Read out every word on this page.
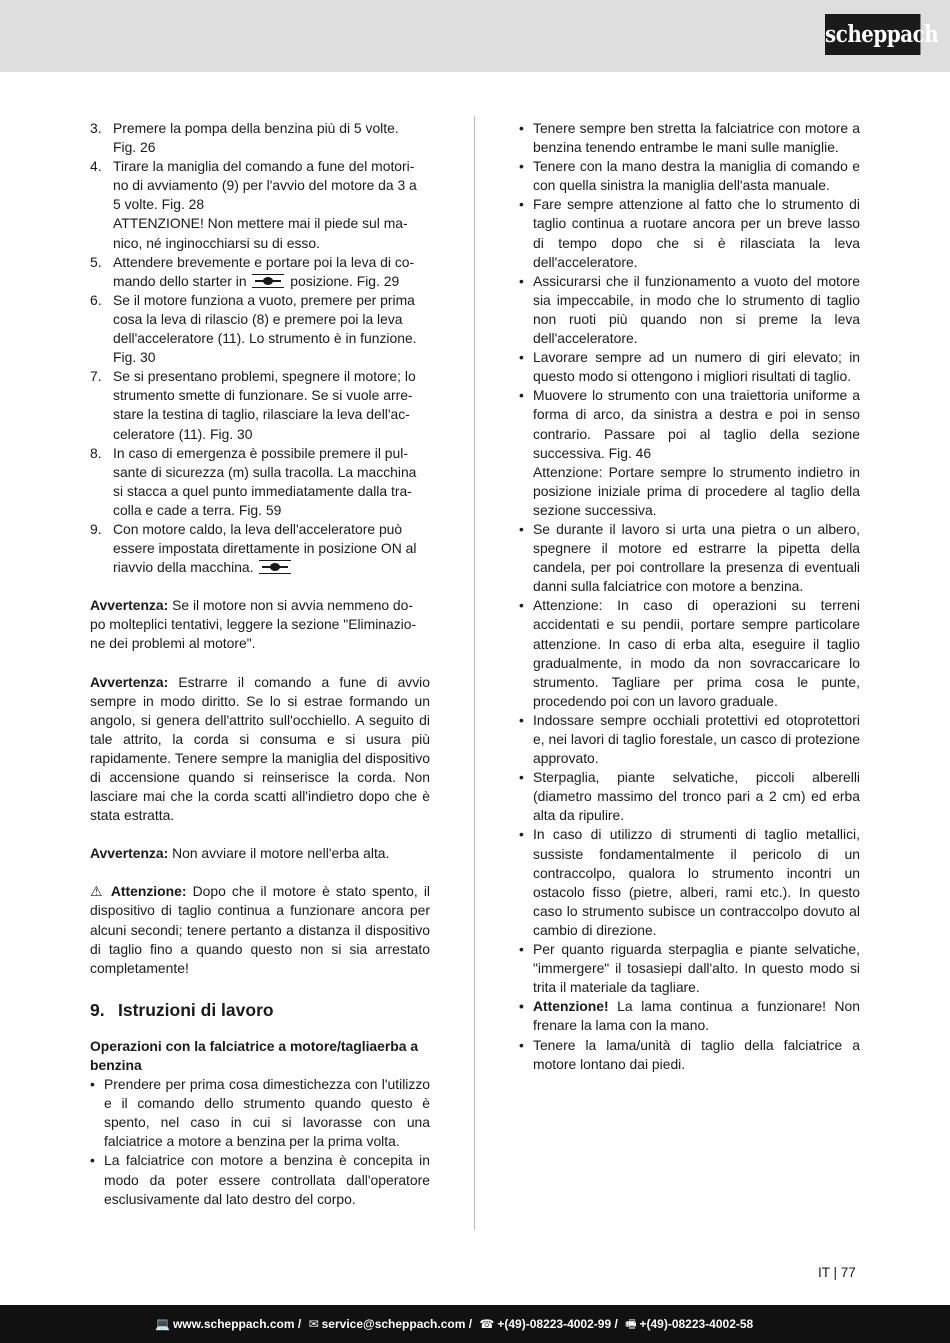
scheppach
3. Premere la pompa della benzina più di 5 volte.
Fig. 26
4. Tirare la maniglia del comando a fune del motori-
no di avviamento (9) per l'avvio del motore da 3 a
5 volte. Fig. 28
ATTENZIONE! Non mettere mai il piede sul ma-
nico, né inginocchiarsi su di esso.
5. Attendere brevemente e portare poi la leva di co-
mando dello starter in	posizione. Fig. 29
6. Se il motore funziona a vuoto, premere per prima
cosa la leva di rilascio (8) e premere poi la leva
dell'acceleratore (11). Lo strumento è in funzione.
Fig. 30
7. Se si presentano problemi, spegnere il motore; lo
strumento smette di funzionare. Se si vuole arre-
stare la testina di taglio, rilasciare la leva dell'ac-
celeratore (11). Fig. 30
8. In caso di emergenza è possibile premere il pul-
sante di sicurezza (m) sulla tracolla. La macchina
si stacca a quel punto immediatamente dalla tra-
colla e cade a terra. Fig. 59
9. Con motore caldo, la leva dell'acceleratore può
essere impostata direttamente in posizione ON al
riavvio della macchina.
Avvertenza: Se il motore non si avvia nemmeno do-
po molteplici tentativi, leggere la sezione "Eliminazio-
ne dei problemi al motore".
Avvertenza: Estrarre il comando a fune di avvio sempre in modo diritto. Se lo si estrae formando un angolo, si genera dell'attrito sull'occhiello. A seguito di tale attrito, la corda si consuma e si usura più rapidamente. Tenere sempre la maniglia del dispositivo di accensione quando si reinserisce la corda. Non lasciare mai che la corda scatti all'indietro dopo che è stata estratta.
Avvertenza: Non avviare il motore nell'erba alta.
⚠ Attenzione: Dopo che il motore è stato spento, il dispositivo di taglio continua a funzionare ancora per alcuni secondi; tenere pertanto a distanza il dispositivo di taglio fino a quando questo non si sia arrestato completamente!
9. Istruzioni di lavoro
Operazioni con la falciatrice a motore/tagliaerba a benzina
• Prendere per prima cosa dimestichezza con l'utilizzo e il comando dello strumento quando questo è spento, nel caso in cui si lavorasse con una falciatrice a motore a benzina per la prima volta.
• La falciatrice con motore a benzina è concepita in modo da poter essere controllata dall'operatore esclusivamente dal lato destro del corpo.
• Tenere sempre ben stretta la falciatrice con motore a benzina tenendo entrambe le mani sulle maniglie.
• Tenere con la mano destra la maniglia di comando e con quella sinistra la maniglia dell'asta manuale.
• Fare sempre attenzione al fatto che lo strumento di taglio continua a ruotare ancora per un breve lasso di tempo dopo che si è rilasciata la leva dell'acceleratore.
• Assicurarsi che il funzionamento a vuoto del motore sia impeccabile, in modo che lo strumento di taglio non ruoti più quando non si preme la leva dell'acceleratore.
• Lavorare sempre ad un numero di giri elevato; in questo modo si ottengono i migliori risultati di taglio.
• Muovere lo strumento con una traiettoria uniforme a forma di arco, da sinistra a destra e poi in senso contrario. Passare poi al taglio della sezione successiva. Fig. 46
Attenzione: Portare sempre lo strumento indietro in posizione iniziale prima di procedere al taglio della sezione successiva.
• Se durante il lavoro si urta una pietra o un albero, spegnere il motore ed estrarre la pipetta della candela, per poi controllare la presenza di eventuali danni sulla falciatrice con motore a benzina.
• Attenzione: In caso di operazioni su terreni accidentati e su pendii, portare sempre particolare attenzione. In caso di erba alta, eseguire il taglio gradualmente, in modo da non sovraccaricare lo strumento. Tagliare per prima cosa le punte, procedendo poi con un lavoro graduale.
• Indossare sempre occhiali protettivi ed otoprotettori e, nei lavori di taglio forestale, un casco di protezione approvato.
• Sterpaglia, piante selvatiche, piccoli alberelli (diametro massimo del tronco pari a 2 cm) ed erba alta da ripulire.
• In caso di utilizzo di strumenti di taglio metallici, sussiste fondamentalmente il pericolo di un contraccolpo, qualora lo strumento incontri un ostacolo fisso (pietre, alberi, rami etc.). In questo caso lo strumento subisce un contraccolpo dovuto al cambio di direzione.
• Per quanto riguarda sterpaglia e piante selvatiche, "immergere" il tosasiepi dall'alto. In questo modo si trita il materiale da tagliare.
• Attenzione! La lama continua a funzionare! Non frenare la lama con la mano.
• Tenere la lama/unità di taglio della falciatrice a motore lontano dai piedi.
IT | 77
💻 www.scheppach.com / ✉ service@scheppach.com / ☎ +(49)-08223-4002-99 / 🖷 +(49)-08223-4002-58
